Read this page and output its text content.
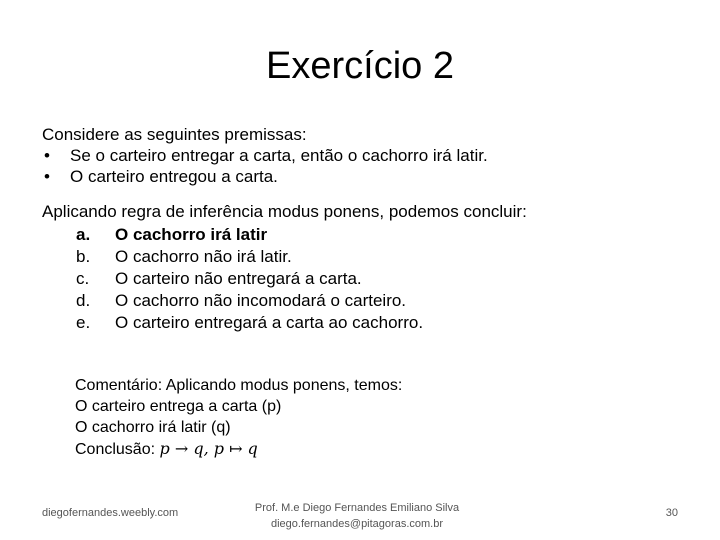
Exercício 2
Considere as seguintes premissas:
•	Se o carteiro entregar a carta, então o cachorro irá latir.
•	O carteiro entregou a carta.
Aplicando regra de inferência modus ponens, podemos concluir:
a.	O cachorro irá latir
b.	O cachorro não irá latir.
c.	O carteiro não entregará a carta.
d.	O cachorro não incomodará o carteiro.
e.	O carteiro entregará a carta ao cachorro.
Comentário: Aplicando modus ponens, temos:
O carteiro entrega a carta (p)
O cachorro irá latir (q)
Conclusão: p → q, p ↦ q
diegofernandes.weebly.com	Prof. M.e Diego Fernandes Emiliano Silva
diego.fernandes@pitagoras.com.br
30
